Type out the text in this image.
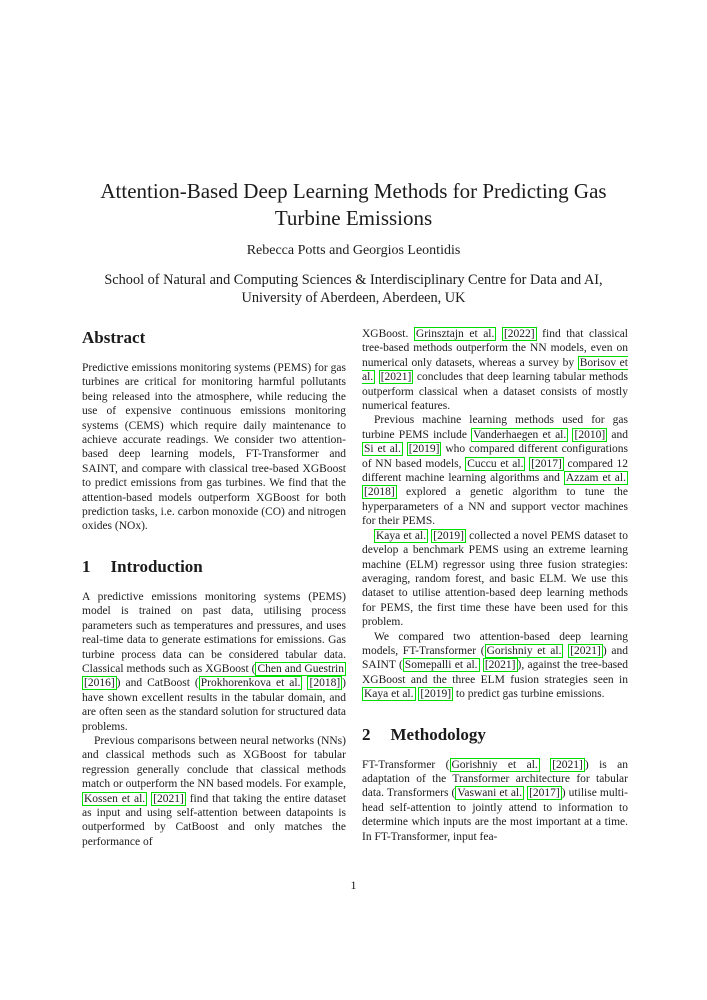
Attention-Based Deep Learning Methods for Predicting Gas
Turbine Emissions
Rebecca Potts and Georgios Leontidis
School of Natural and Computing Sciences & Interdisciplinary Centre for Data and AI,
University of Aberdeen, Aberdeen, UK
Abstract

Predictive emissions monitoring systems (PEMS) for gas turbines are critical for monitoring harmful pollutants being released into the atmosphere, while reducing the use of expensive continuous emissions monitoring systems (CEMS) which require daily maintenance to achieve accurate readings. We consider two attention-based deep learning models, FT-Transformer and SAINT, and compare with classical tree-based XGBoost to predict emissions from gas turbines. We find that the attention-based models outperform XGBoost for both prediction tasks, i.e. carbon monoxide (CO) and nitrogen oxides (NOx).

1 Introduction

A predictive emissions monitoring systems (PEMS) model is trained on past data, utilising process parameters such as temperatures and pressures, and uses real-time data to generate estimations for emissions. Gas turbine process data can be considered tabular data. Classical methods such as XGBoost ( Chen and Guestrin [2016] ) and CatBoost ( Prokhorenkova et al. [2018] ) have shown excellent results in the tabular domain, and are often seen as the standard solution for structured data problems.

Previous comparisons between neural networks (NNs) and classical methods such as XGBoost for tabular regression generally conclude that classical methods match or outperform the NN based models. For example, Kossen et al. [2021] find that taking the entire dataset as input and using self-attention between datapoints is outperformed by CatBoost and only matches the performance of

XGBoost. Grinsztajn et al. [2022] find that classical tree-based methods outperform the NN models, even on numerical only datasets, whereas a survey by Borisov et al. [2021] concludes that deep learning tabular methods outperform classical when a dataset consists of mostly numerical features.

Previous machine learning methods used for gas turbine PEMS include Vanderhaegen et al. [2010] and Si et al. [2019] who compared different configurations of NN based models, Cuccu et al. [2017] compared 12 different machine learning algorithms and Azzam et al. [2018] explored a genetic algorithm to tune the hyperparameters of a NN and support vector machines for their PEMS.

Kaya et al. [2019] collected a novel PEMS dataset to develop a benchmark PEMS using an extreme learning machine (ELM) regressor using three fusion strategies: averaging, random forest, and basic ELM. We use this dataset to utilise attention-based deep learning methods for PEMS, the first time these have been used for this problem.

We compared two attention-based deep learning models, FT-Transformer ( Gorishniy et al. [2021] ) and SAINT ( Somepalli et al. [2021] ), against the tree-based XGBoost and the three ELM fusion strategies seen in Kaya et al. [2019] to predict gas turbine emissions.

2 Methodology

FT-Transformer ( Gorishniy et al. [2021] ) is an adaptation of the Transformer architecture for tabular data. Transformers ( Vaswani et al. [2017] ) utilise multi-head self-attention to jointly attend to information to determine which inputs are the most important at a time. In FT-Transformer, input fea-

1
